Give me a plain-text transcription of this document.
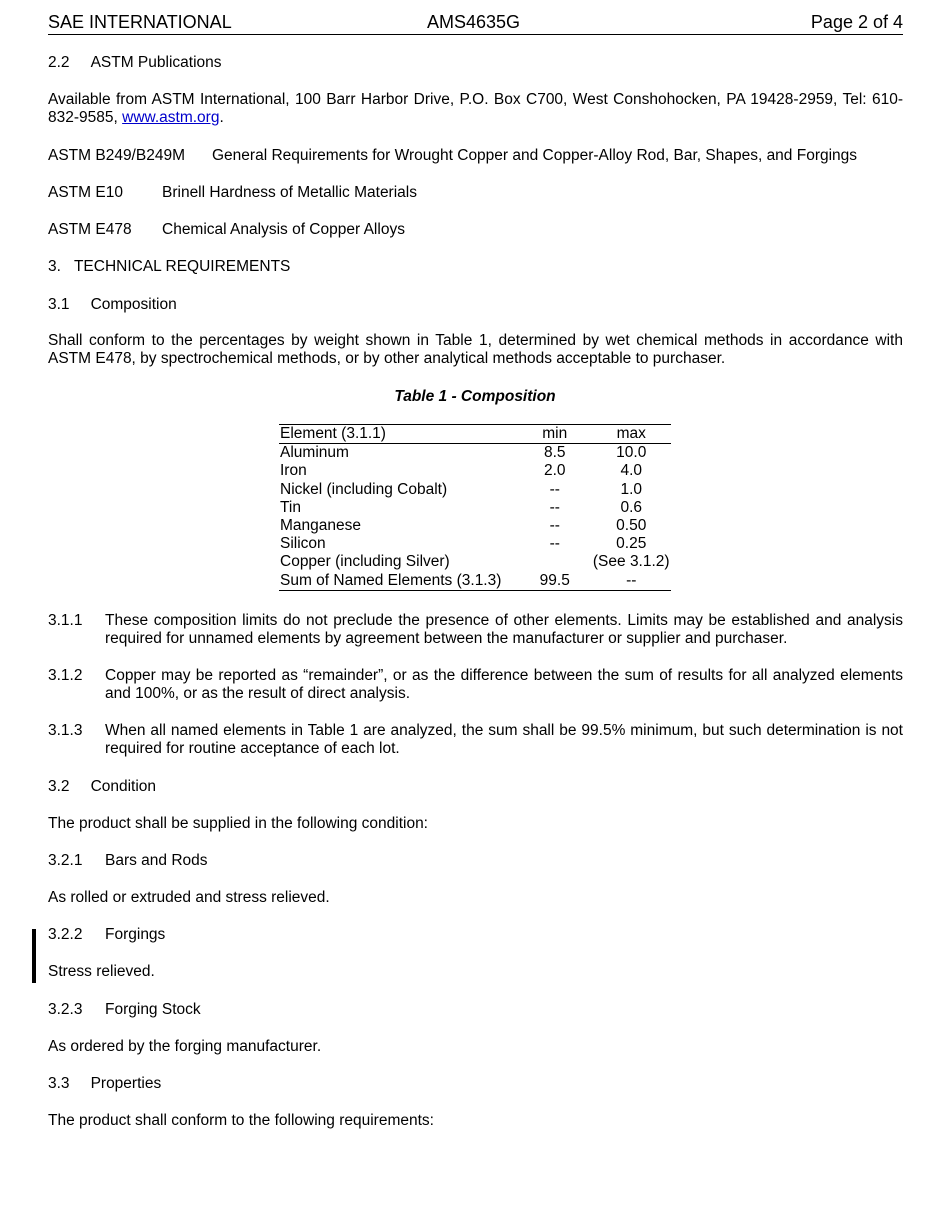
SAE INTERNATIONAL	AMS4635G	Page 2 of 4
2.2 ASTM Publications
Available from ASTM International, 100 Barr Harbor Drive, P.O. Box C700, West Conshohocken, PA 19428-2959, Tel: 610-832-9585, www.astm.org.
ASTM B249/B249M General Requirements for Wrought Copper and Copper-Alloy Rod, Bar, Shapes, and Forgings
ASTM E10	Brinell Hardness of Metallic Materials
ASTM E478 Chemical Analysis of Copper Alloys
3. TECHNICAL REQUIREMENTS
3.1 Composition
Shall conform to the percentages by weight shown in Table 1, determined by wet chemical methods in accordance with ASTM E478, by spectrochemical methods, or by other analytical methods acceptable to purchaser.
Table 1 - Composition
Element (3.1.1)	min	max
Aluminum	8.5	10.0
Iron	2.0	4.0
Nickel (including Cobalt)	--	1.0
Tin	--	0.6
Manganese	--	0.50
Silicon	--	0.25
Copper (including Silver)		(See 3.1.2)
Sum of Named Elements (3.1.3)	99.5	--
3.1.1 These composition limits do not preclude the presence of other elements. Limits may be established and analysis required for unnamed elements by agreement between the manufacturer or supplier and purchaser.
3.1.2 Copper may be reported as “remainder”, or as the difference between the sum of results for all analyzed elements and 100%, or as the result of direct analysis.
3.1.3 When all named elements in Table 1 are analyzed, the sum shall be 99.5% minimum, but such determination is not required for routine acceptance of each lot.
3.2 Condition
The product shall be supplied in the following condition:
3.2.1 Bars and Rods
As rolled or extruded and stress relieved.
3.2.2 Forgings
Stress relieved.
3.2.3 Forging Stock
As ordered by the forging manufacturer.
3.3 Properties
The product shall conform to the following requirements:
